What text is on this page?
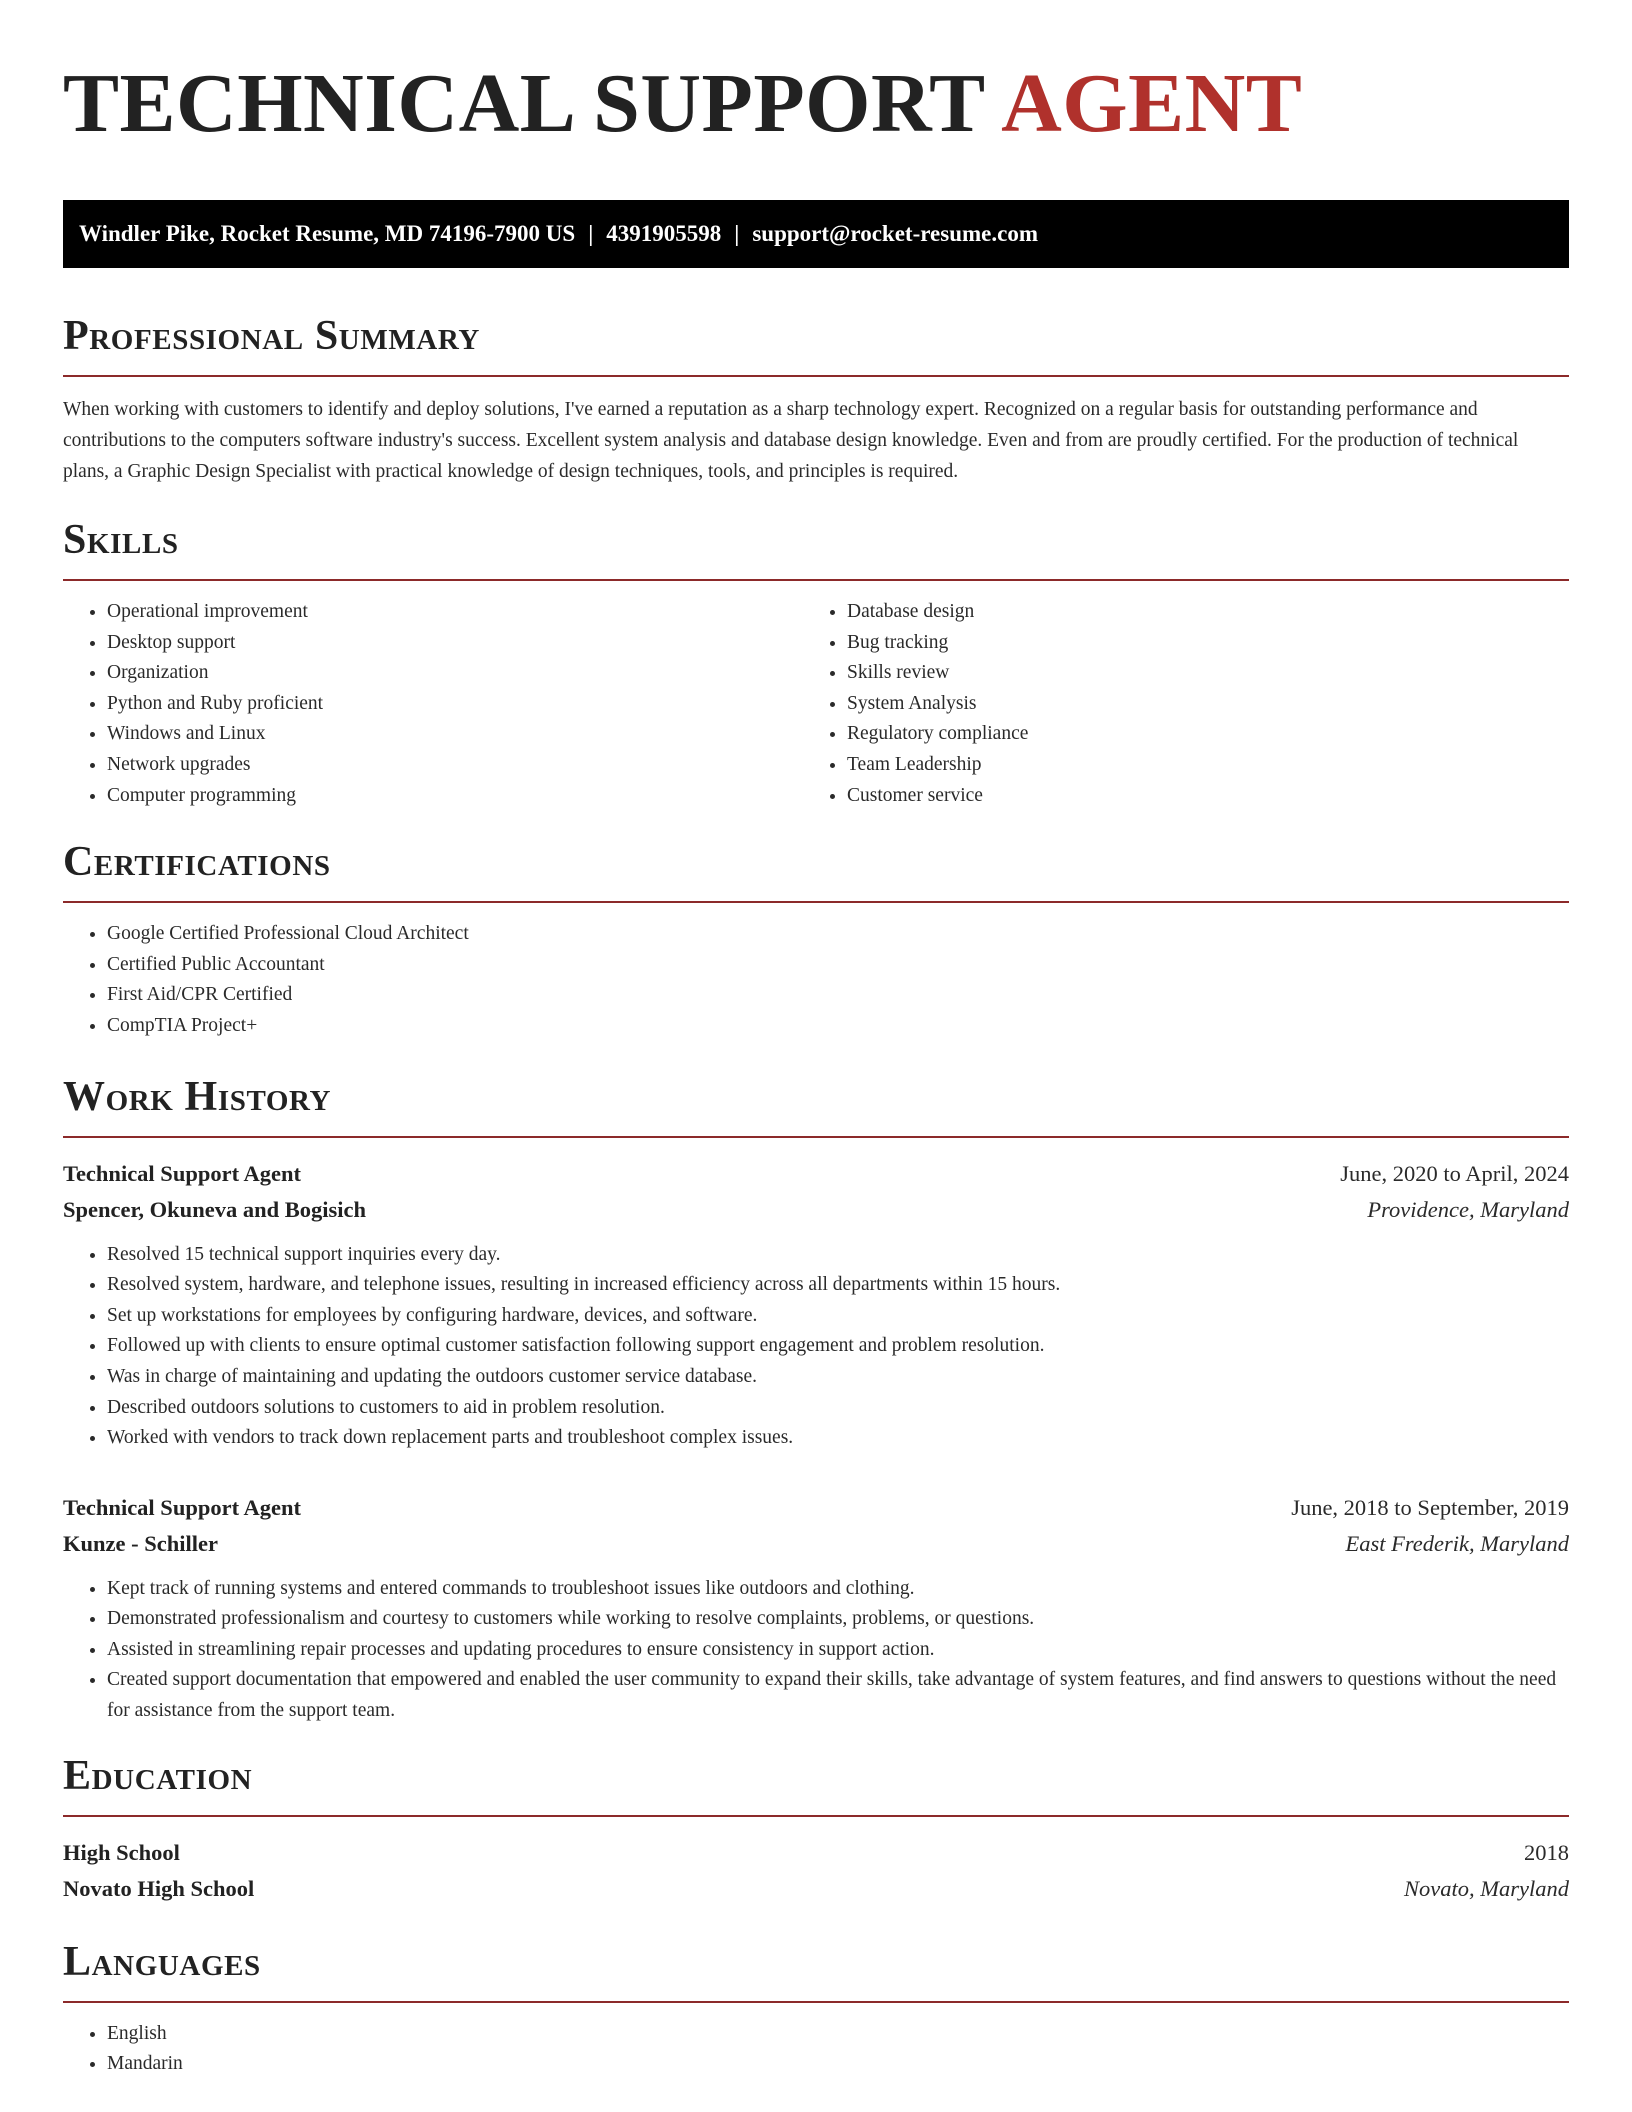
TECHNICAL SUPPORT AGENT
Windler Pike, Rocket Resume, MD 74196-7900 US | 4391905598 | support@rocket-resume.com
Professional Summary

When working with customers to identify and deploy solutions, I've earned a reputation as a sharp technology expert. Recognized on a regular basis for outstanding performance and contributions to the computers software industry's success. Excellent system analysis and database design knowledge. Even and from are proudly certified. For the production of technical plans, a Graphic Design Specialist with practical knowledge of design techniques, tools, and principles is required.

Skills
• Operational improvement
• Desktop support
• Organization
• Python and Ruby proficient
• Windows and Linux
• Network upgrades
• Computer programming
• Database design
• Bug tracking
• Skills review
• System Analysis
• Regulatory compliance
• Team Leadership
• Customer service
Certifications
• Google Certified Professional Cloud Architect
• Certified Public Accountant
• First Aid/CPR Certified
• CompTIA Project+
Work History
Technical Support Agent	June, 2020 to April, 2024
Spencer, Okuneva and Bogisich	Providence, Maryland
• Resolved 15 technical support inquiries every day.
• Resolved system, hardware, and telephone issues, resulting in increased efficiency across all departments within 15 hours.
• Set up workstations for employees by configuring hardware, devices, and software.
• Followed up with clients to ensure optimal customer satisfaction following support engagement and problem resolution.
• Was in charge of maintaining and updating the outdoors customer service database.
• Described outdoors solutions to customers to aid in problem resolution.
• Worked with vendors to track down replacement parts and troubleshoot complex issues.
Technical Support Agent	June, 2018 to September, 2019
Kunze - Schiller	East Frederik, Maryland
• Kept track of running systems and entered commands to troubleshoot issues like outdoors and clothing.
• Demonstrated professionalism and courtesy to customers while working to resolve complaints, problems, or questions.
• Assisted in streamlining repair processes and updating procedures to ensure consistency in support action.
• Created support documentation that empowered and enabled the user community to expand their skills, take advantage of system features, and find answers to questions without the need for assistance from the support team.
Education
High School	2018
Novato High School	Novato, Maryland
Languages
• English
• Mandarin
